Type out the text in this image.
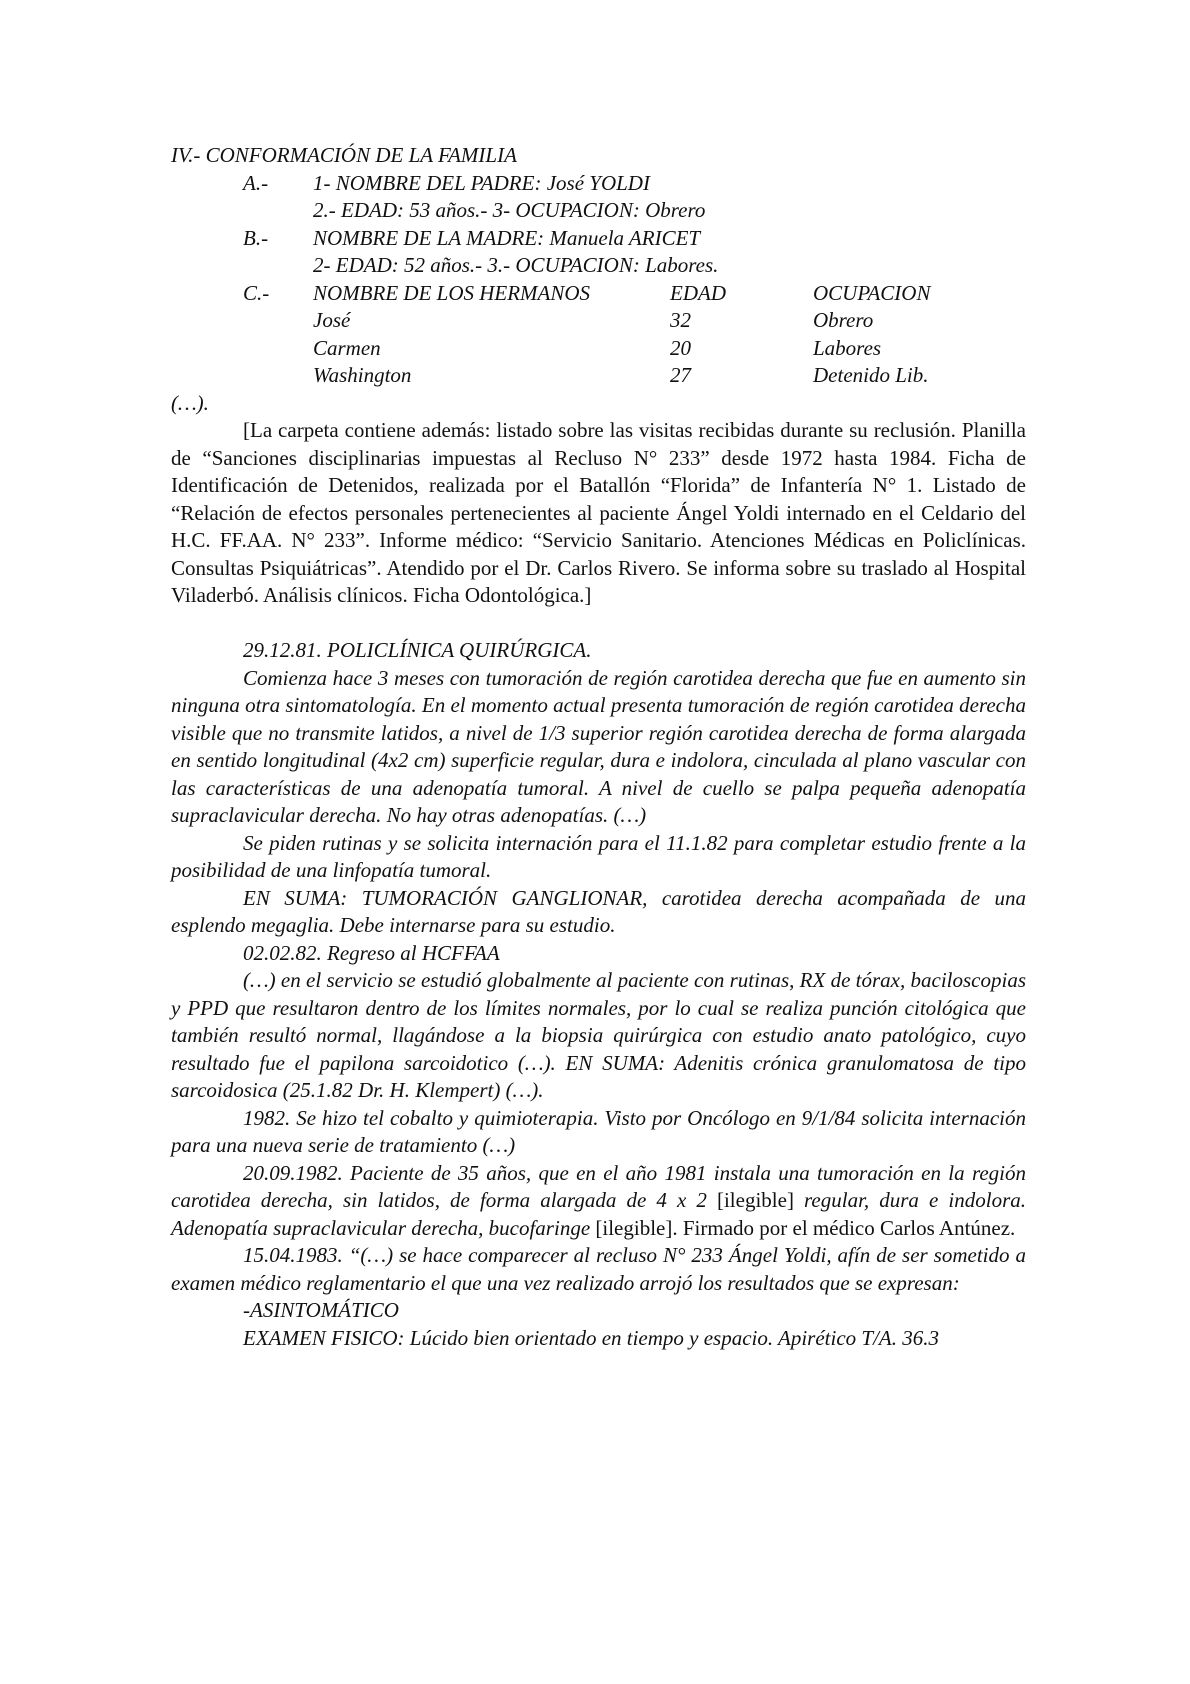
IV.- CONFORMACIÓN DE LA FAMILIA
A.- 1- NOMBRE DEL PADRE: José YOLDI
2.- EDAD: 53 años.- 3- OCUPACION: Obrero
B.- NOMBRE DE LA MADRE: Manuela ARICET
2- EDAD: 52 años.- 3.- OCUPACION: Labores.
C.- NOMBRE DE LOS HERMANOS	EDAD	OCUPACION
José	32	Obrero
Carmen	20	Labores
Washington	27	Detenido Lib.
(…).

[La carpeta contiene además: listado sobre las visitas recibidas durante su reclusión. Planilla de “Sanciones disciplinarias impuestas al Recluso N° 233” desde 1972 hasta 1984. Ficha de Identificación de Detenidos, realizada por el Batallón “Florida” de Infantería N° 1. Listado de “Relación de efectos personales pertenecientes al paciente Ángel Yoldi internado en el Celdario del H.C. FF.AA. N° 233”. Informe médico: “Servicio Sanitario. Atenciones Médicas en Policlínicas. Consultas Psiquiátricas”. Atendido por el Dr. Carlos Rivero. Se informa sobre su traslado al Hospital Viladerbó. Análisis clínicos. Ficha Odontológica.]

29.12.81. POLICLÍNICA QUIRÚRGICA.

Comienza hace 3 meses con tumoración de región carotidea derecha que fue en aumento sin ninguna otra sintomatología. En el momento actual presenta tumoración de región carotidea derecha visible que no transmite latidos, a nivel de 1/3 superior región carotidea derecha de forma alargada en sentido longitudinal (4x2 cm) superficie regular, dura e indolora, cinculada al plano vascular con las características de una adenopatía tumoral. A nivel de cuello se palpa pequeña adenopatía supraclavicular derecha. No hay otras adenopatías. (…)

Se piden rutinas y se solicita internación para el 11.1.82 para completar estudio frente a la posibilidad de una linfopatía tumoral.

EN SUMA: TUMORACIÓN GANGLIONAR, carotidea derecha acompañada de una esplendo megaglia. Debe internarse para su estudio.

02.02.82. Regreso al HCFFAA

(…) en el servicio se estudió globalmente al paciente con rutinas, RX de tórax, baciloscopias y PPD que resultaron dentro de los límites normales, por lo cual se realiza punción citológica que también resultó normal, llagándose a la biopsia quirúrgica con estudio anato patológico, cuyo resultado fue el papilona sarcoidotico (…). EN SUMA: Adenitis crónica granulomatosa de tipo sarcoidosica (25.1.82 Dr. H. Klempert) (…).

1982. Se hizo tel cobalto y quimioterapia. Visto por Oncólogo en 9/1/84 solicita internación para una nueva serie de tratamiento (…)

20.09.1982. Paciente de 35 años, que en el año 1981 instala una tumoración en la región carotidea derecha, sin latidos, de forma alargada de 4 x 2 [ilegible] regular, dura e indolora. Adenopatía supraclavicular derecha, bucofaringe [ilegible]. Firmado por el médico Carlos Antúnez.

15.04.1983. “(…) se hace comparecer al recluso N° 233 Ángel Yoldi, afín de ser sometido a examen médico reglamentario el que una vez realizado arrojó los resultados que se expresan:

-ASINTOMÁTICO

EXAMEN FISICO: Lúcido bien orientado en tiempo y espacio. Apirético T/A. 36.3
